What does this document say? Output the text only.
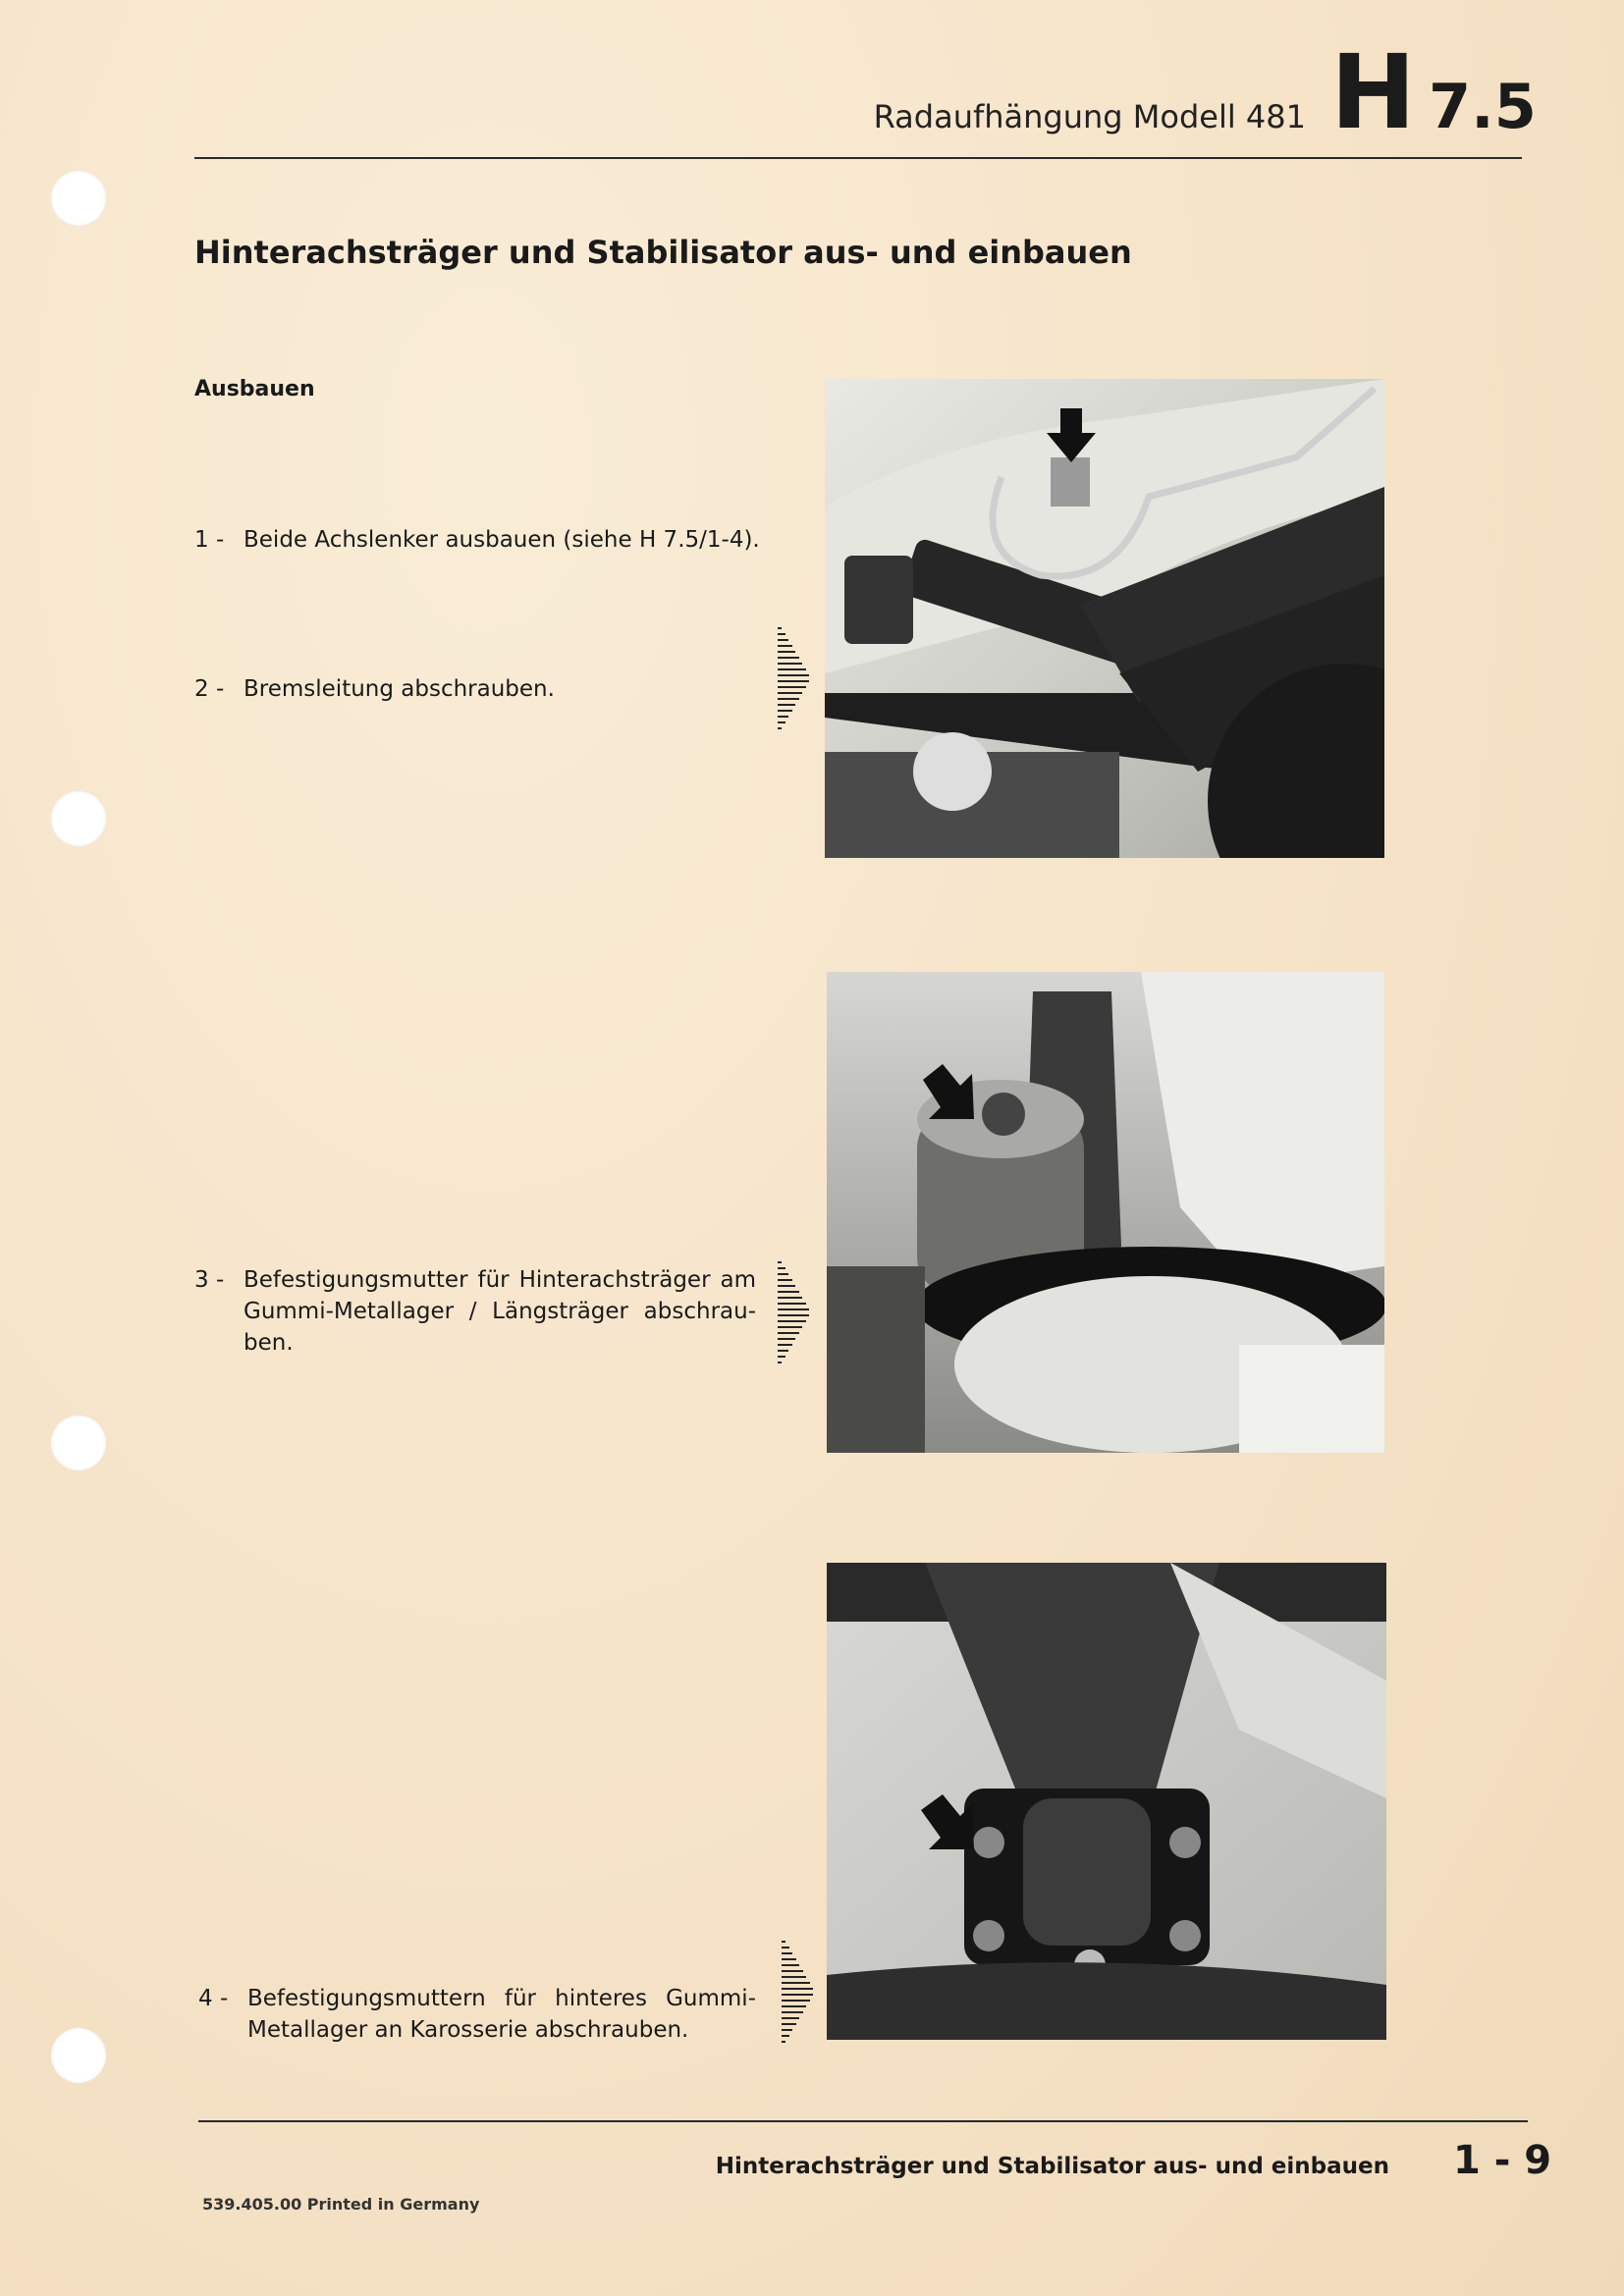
Radaufhängung Modell 481 H 7.5
Hinterachsträger und Stabilisator aus- und einbauen
Ausbauen
1 - Beide Achslenker ausbauen (siehe H 7.5/1-4).
2 - Bremsleitung abschrauben.
3 - Befestigungsmutter für Hinterachsträger am Gummi-Metallager / Längsträger abschrau-ben.
4 - Befestigungsmuttern für hinteres Gummi-Metallager an Karosserie abschrauben.
Hinterachsträger und Stabilisator aus- und einbauen 1 - 9
539.405.00 Printed in Germany
